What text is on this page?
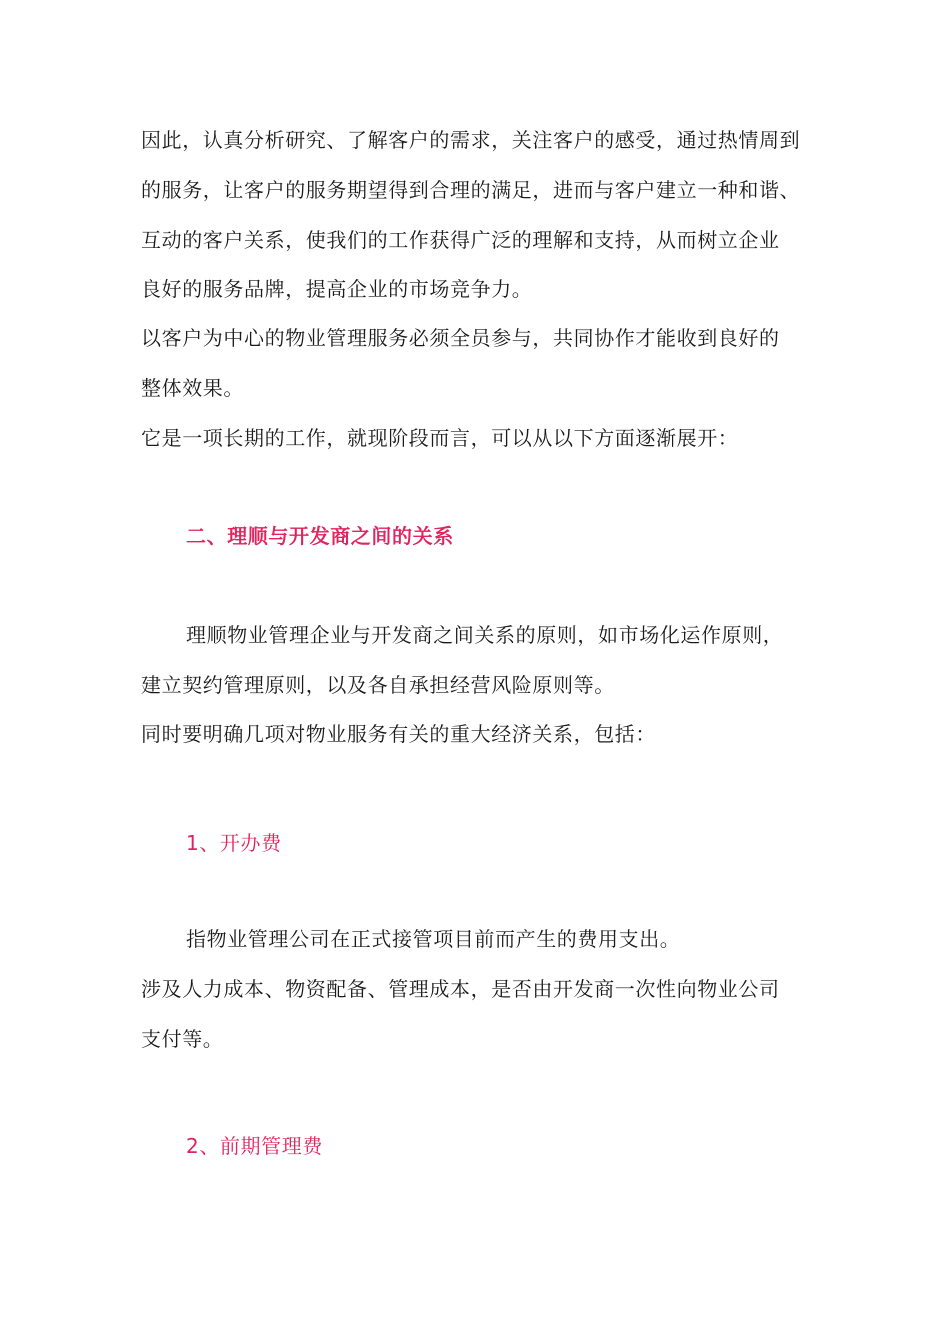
因此，认真分析研究、了解客户的需求，关注客户的感受，通过热情周到
的服务，让客户的服务期望得到合理的满足，进而与客户建立一种和谐、
互动的客户关系，使我们的工作获得广泛的理解和支持，从而树立企业
良好的服务品牌，提高企业的市场竞争力。
以客户为中心的物业管理服务必须全员参与，共同协作才能收到良好的
整体效果。
它是一项长期的工作，就现阶段而言，可以从以下方面逐渐展开：
二、理顺与开发商之间的关系
理顺物业管理企业与开发商之间关系的原则，如市场化运作原则，
建立契约管理原则，以及各自承担经营风险原则等。
同时要明确几项对物业服务有关的重大经济关系，包括：
1、开办费
指物业管理公司在正式接管项目前而产生的费用支出。
涉及人力成本、物资配备、管理成本，是否由开发商一次性向物业公司
支付等。
2、前期管理费
